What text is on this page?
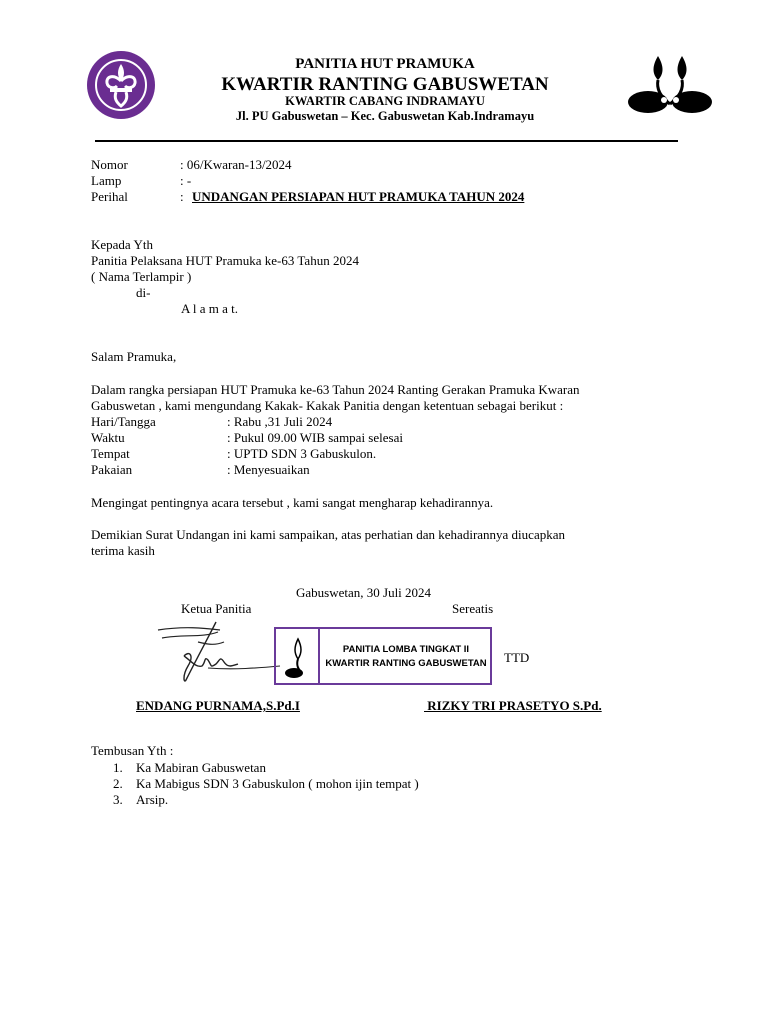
PANITIA HUT PRAMUKA
KWARTIR RANTING GABUSWETAN
KWARTIR CABANG INDRAMAYU
Jl. PU Gabuswetan – Kec. Gabuswetan Kab.Indramayu
Nomor	: 06/Kwaran-13/2024
Lamp	: -
Perihal	: UNDANGAN PERSIAPAN HUT PRAMUKA TAHUN 2024
Kepada Yth
Panitia Pelaksana HUT Pramuka ke-63 Tahun 2024
( Nama Terlampir )
di-
A l a m a t.
Salam Pramuka,
Dalam rangka persiapan HUT Pramuka ke-63 Tahun 2024 Ranting Gerakan Pramuka Kwaran
Gabuswetan , kami mengundang Kakak- Kakak Panitia dengan ketentuan sebagai berikut :
Hari/Tangga	: Rabu ,31 Juli 2024
Waktu	: Pukul 09.00 WIB sampai selesai
Tempat	: UPTD SDN 3 Gabuskulon.
Pakaian	: Menyesuaikan
Mengingat pentingnya acara tersebut , kami sangat mengharap kehadirannya.
Demikian Surat Undangan ini kami sampaikan, atas perhatian dan kehadirannya diucapkan
terima kasih
Gabuswetan, 30 Juli 2024
Ketua Panitia	Sereatis
PANITIA LOMBA TINGKAT II
KWARTIR RANTING GABUSWETAN TTD
ENDANG PURNAMA,S.Pd.I	RIZKY TRI PRASETYO S.Pd.
Tembusan Yth :
1. Ka Mabiran Gabuswetan
2. Ka Mabigus SDN 3 Gabuskulon ( mohon ijin tempat )
3. Arsip.
